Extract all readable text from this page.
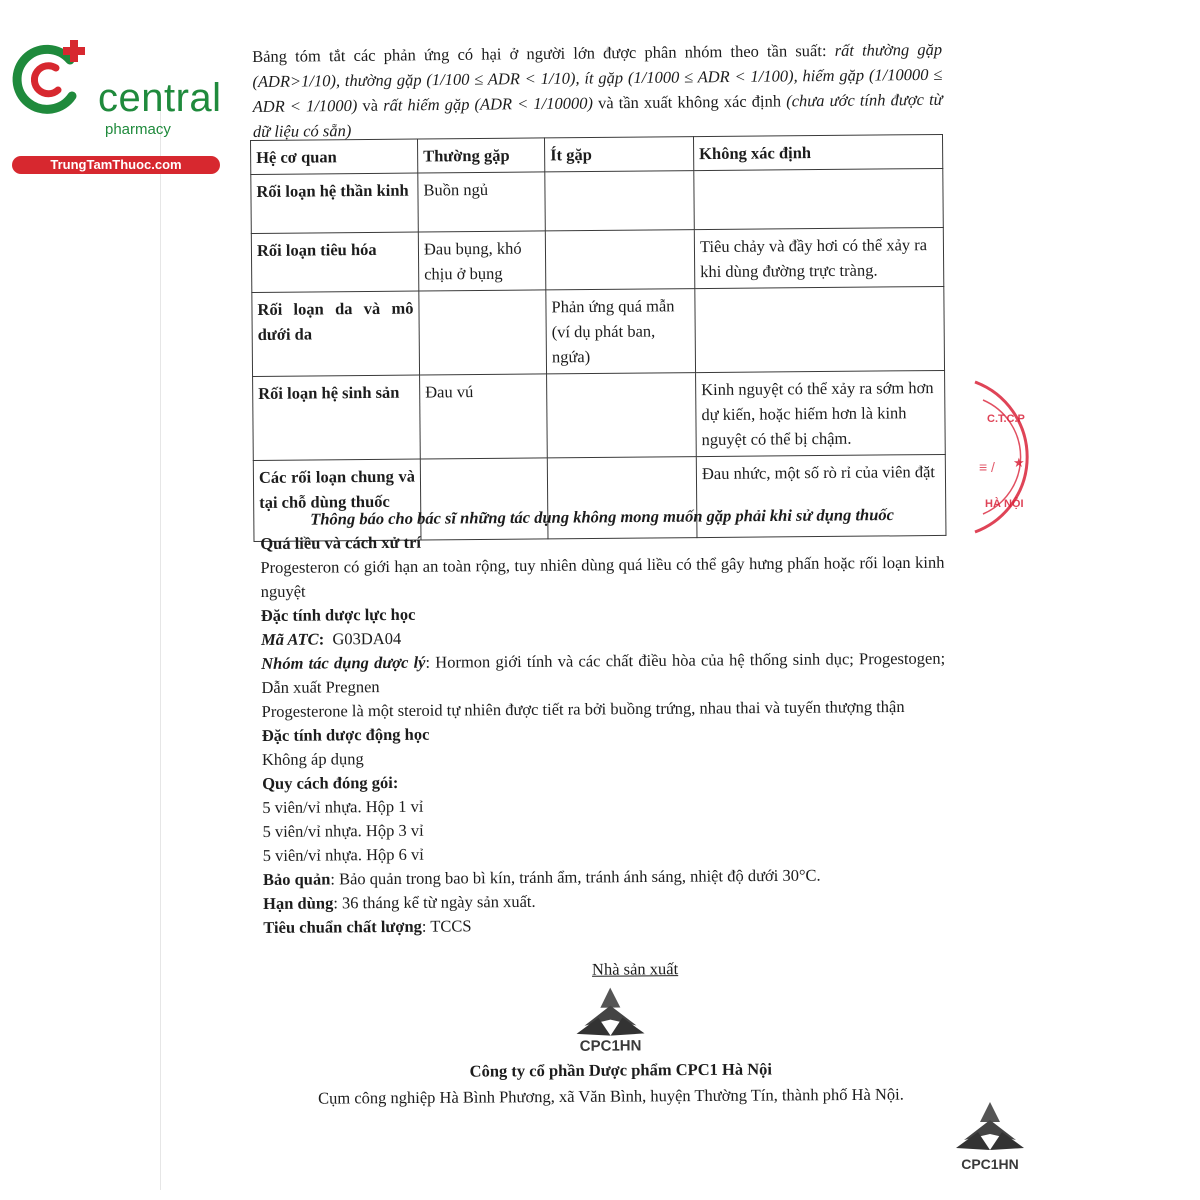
central
pharmacy
TrungTamThuoc.com
Bảng tóm tắt các phản ứng có hại ở người lớn được phân nhóm theo tần suất: rất thường gặp (ADR>1/10), thường gặp (1/100 ≤ ADR < 1/10), ít gặp (1/1000 ≤ ADR < 1/100), hiếm gặp (1/10000 ≤ ADR < 1/1000) và rất hiếm gặp (ADR < 1/10000) và tần xuất không xác định (chưa ước tính được từ dữ liệu có sẵn)
Hệ cơ quan	Thường gặp	Ít gặp	Không xác định
Rối loạn hệ thần kinh	Buồn ngủ		
Rối loạn tiêu hóa	Đau bụng, khó chịu ở bụng		Tiêu chảy và đầy hơi có thể xảy ra khi dùng đường trực tràng.
Rối loạn da và mô dưới da		Phản ứng quá mẫn (ví dụ phát ban, ngứa)	
Rối loạn hệ sinh sản	Đau vú		Kinh nguyệt có thể xảy ra sớm hơn dự kiến, hoặc hiếm hơn là kinh nguyệt có thể bị chậm.
Các rối loạn chung và tại chỗ dùng thuốc			Đau nhức, một số rò rỉ của viên đặt
Thông báo cho bác sĩ những tác dụng không mong muốn gặp phải khi sử dụng thuốc
Quá liều và cách xử trí
Progesteron có giới hạn an toàn rộng, tuy nhiên dùng quá liều có thể gây hưng phấn hoặc rối loạn kinh nguyệt
Đặc tính dược lực học
Mã ATC: G03DA04
Nhóm tác dụng dược lý: Hormon giới tính và các chất điều hòa của hệ thống sinh dục; Progestogen; Dẫn xuất Pregnen
Progesterone là một steroid tự nhiên được tiết ra bởi buồng trứng, nhau thai và tuyến thượng thận
Đặc tính dược động học
Không áp dụng
Quy cách đóng gói:
5 viên/vỉ nhựa. Hộp 1 vỉ
5 viên/vỉ nhựa. Hộp 3 vỉ
5 viên/vỉ nhựa. Hộp 6 vỉ
Bảo quản: Bảo quản trong bao bì kín, tránh ẩm, tránh ánh sáng, nhiệt độ dưới 30°C.
Hạn dùng: 36 tháng kể từ ngày sản xuất.
Tiêu chuẩn chất lượng: TCCS
Nhà sản xuất
CPC1HN
Công ty cổ phần Dược phẩm CPC1 Hà Nội
Cụm công nghiệp Hà Bình Phương, xã Văn Bình, huyện Thường Tín, thành phố Hà Nội.
CPC1HN
C.T.C.P
★
≡ /
HÀ NỘI
